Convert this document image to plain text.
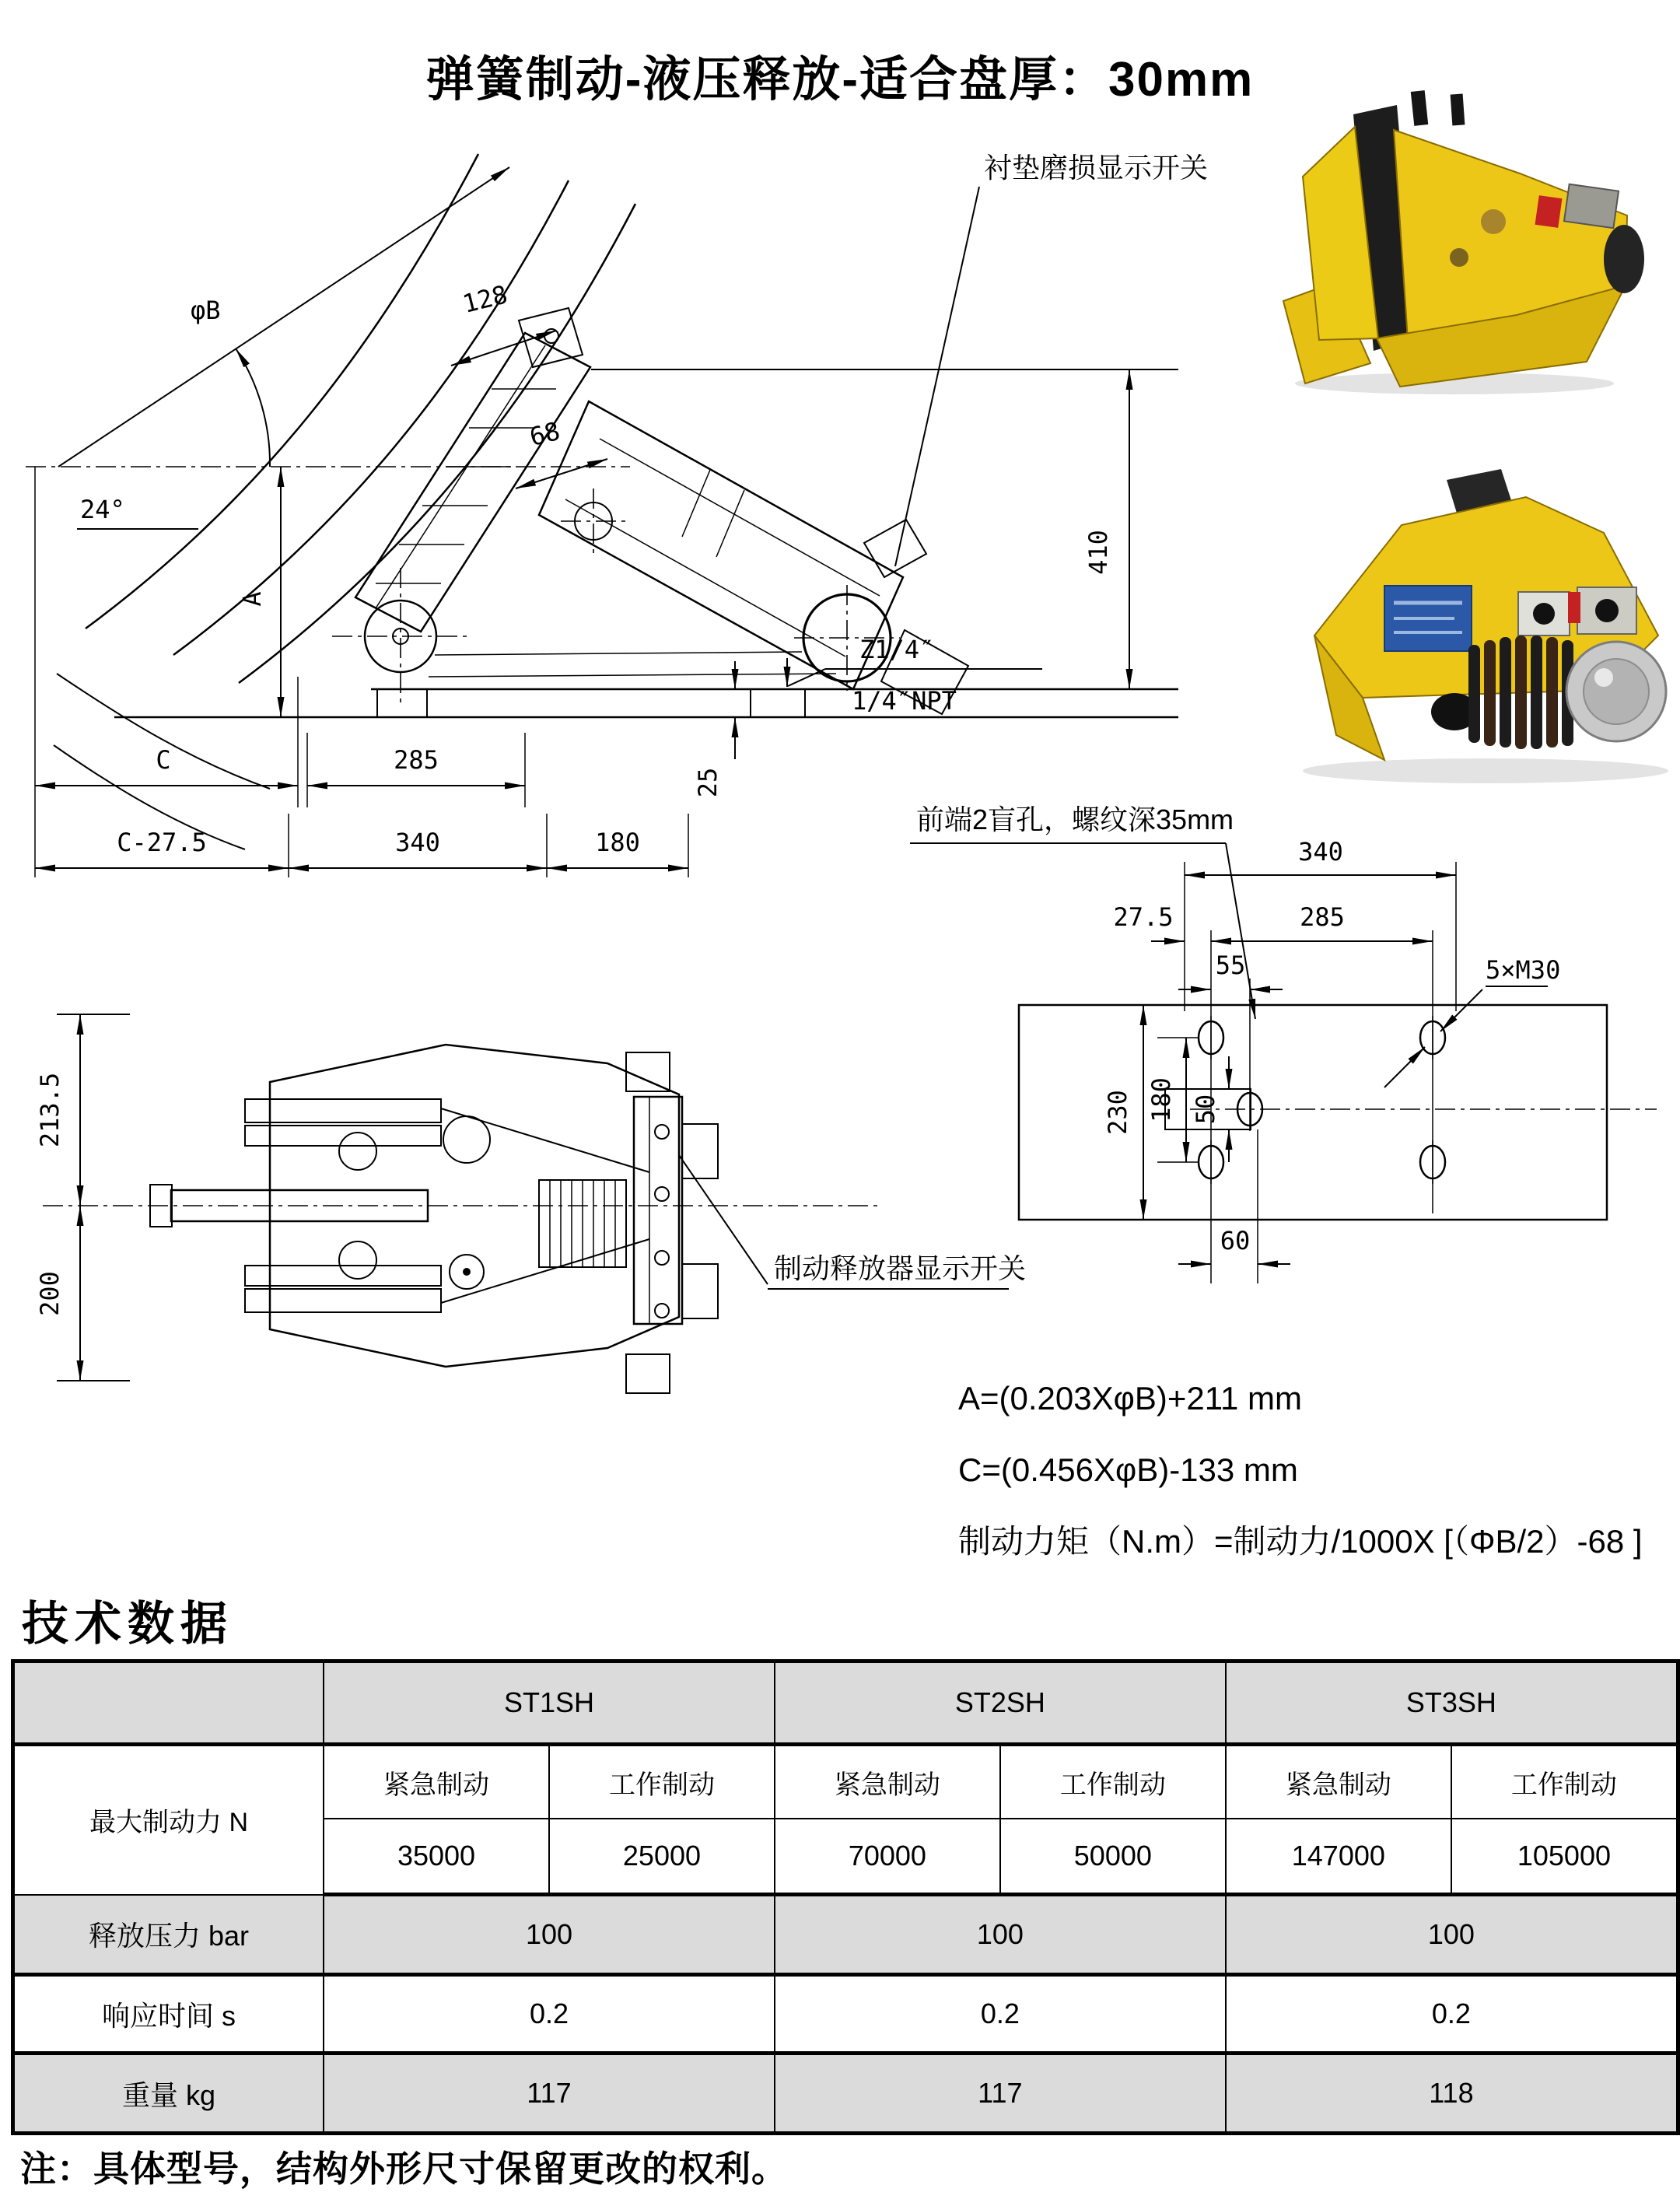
弹簧制动-液压释放-适合盘厚：30mm
φB
24°
128
68
衬垫磨损显示开关
410
A
25
Z1/4″
1/4″NPT
C	285
C-27.5	340	180
213.5
200
制动释放器显示开关
前端2盲孔，螺纹深35mm
340
27.5	285
55	5×M30
230 180 50
60
A=(0.203XφB)+211 mm
C=(0.456XφB)-133 mm
制动力矩（N.m）=制动力/1000X [（ΦB/2）-68 ]
技术数据
	ST1SH		ST2SH		ST3SH	
最大制动力 N	紧急制动	工作制动	紧急制动	工作制动	紧急制动	工作制动
	35000	25000	70000	50000	147000	105000
释放压力 bar	100		100		100	
响应时间 s	0.2		0.2		0.2	
重量 kg	117		117		118	
注：具体型号，结构外形尺寸保留更改的权利。
